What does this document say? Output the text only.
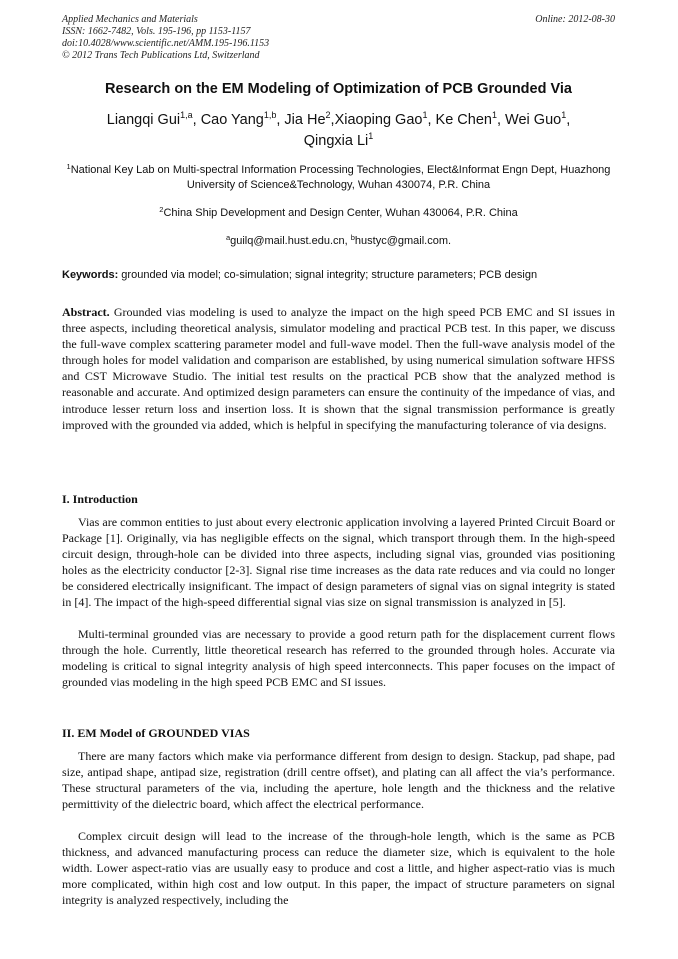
Applied Mechanics and Materials
ISSN: 1662-7482, Vols. 195-196, pp 1153-1157
doi:10.4028/www.scientific.net/AMM.195-196.1153
© 2012 Trans Tech Publications Ltd, Switzerland
Online: 2012-08-30
Research on the EM Modeling of Optimization of PCB Grounded Via
Liangqi Gui$^{1,a}$, Cao Yang$^{1,b}$, Jia He$^2$,Xiaoping Gao$^1$, Ke Chen$^1$, Wei Guo$^1$,
Qingxia Li$^1$
$^1$National Key Lab on Multi-spectral Information Processing Technologies, Elect&Informat Engn Dept, Huazhong University of Science&Technology, Wuhan 430074, P.R. China
$^2$China Ship Development and Design Center, Wuhan 430064, P.R. China
$^a$guilq@mail.hust.edu.cn, $^b$hustyc@gmail.com.
Keywords: grounded via model; co-simulation; signal integrity; structure parameters; PCB design
Abstract. Grounded vias modeling is used to analyze the impact on the high speed PCB EMC and SI issues in three aspects, including theoretical analysis, simulator modeling and practical PCB test. In this paper, we discuss the full-wave complex scattering parameter model and full-wave model. Then the full-wave analysis model of the through holes for model validation and comparison are established, by using numerical simulation software HFSS and CST Microwave Studio. The initial test results on the practical PCB show that the analyzed method is reasonable and accurate. And optimized design parameters can ensure the continuity of the impedance of vias, and introduce lesser return loss and insertion loss. It is shown that the signal transmission performance is greatly improved with the grounded via added, which is helpful in specifying the manufacturing tolerance of via designs.
I. Introduction
Vias are common entities to just about every electronic application involving a layered Printed Circuit Board or Package [1]. Originally, via has negligible effects on the signal, which transport through them. In the high-speed circuit design, through-hole can be divided into three aspects, including signal vias, grounded vias positioning holes as the electricity conductor [2-3]. Signal rise time increases as the data rate reduces and via could no longer be considered electrically insignificant. The impact of design parameters of signal vias on signal integrity is stated in [4]. The impact of the high-speed differential signal vias size on signal transmission is analyzed in [5].
Multi-terminal grounded vias are necessary to provide a good return path for the displacement current flows through the hole. Currently, little theoretical research has referred to the grounded through holes. Accurate via modeling is critical to signal integrity analysis of high speed interconnects. This paper focuses on the impact of grounded vias modeling in the high speed PCB EMC and SI issues.
II. EM Model of GROUNDED VIAS
There are many factors which make via performance different from design to design. Stackup, pad shape, pad size, antipad shape, antipad size, registration (drill centre offset), and plating can all affect the via’s performance. These structural parameters of the via, including the aperture, hole length and the thickness and the relative permittivity of the dielectric board, which affect the electrical performance.
Complex circuit design will lead to the increase of the through-hole length, which is the same as PCB thickness, and advanced manufacturing process can reduce the diameter size, which is equivalent to the hole width. Lower aspect-ratio vias are usually easy to produce and cost a little, and higher aspect-ratio vias is much more complicated, within high cost and low output. In this paper, the impact of structure parameters on signal integrity is analyzed respectively, including the
